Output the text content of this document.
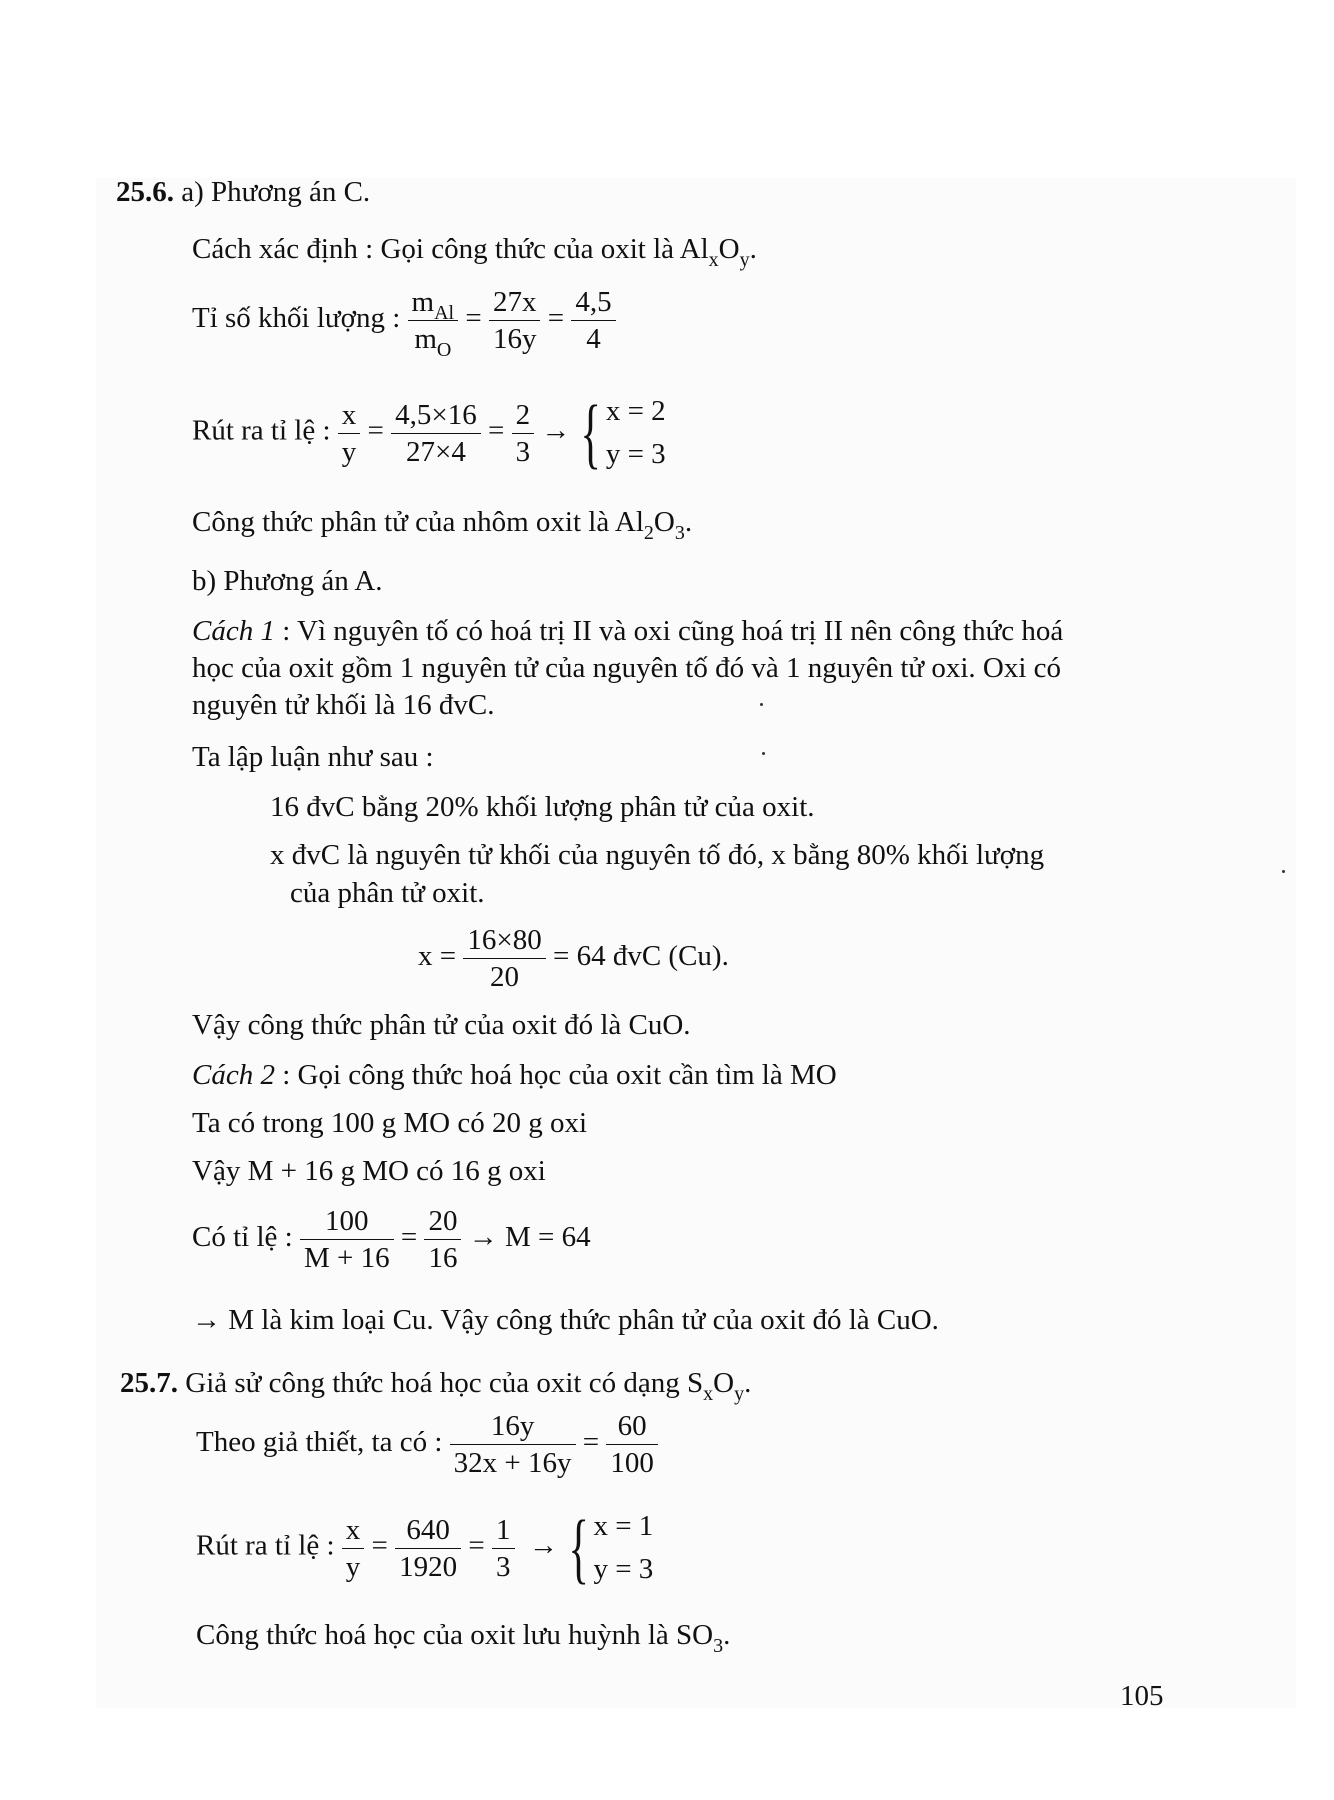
25.6. a) Phương án C.
Cách xác định : Gọi công thức của oxit là $Al_xO_y$.
Tỉ số khối lượng : $\frac{m_{Al}}{m_O} = \frac{27x}{16y} = \frac{4,5}{4}$
Rút ra tỉ lệ : $\frac{x}{y} = \frac{4,5\times 16}{27\times 4} = \frac{2}{3}$ → { x = 2
y = 3
Công thức phân tử của nhôm oxit là $Al_2O_3$.
b) Phương án A.
Cách 1 : Vì nguyên tố có hoá trị II và oxi cũng hoá trị II nên công thức hoá
học của oxit gồm 1 nguyên tử của nguyên tố đó và 1 nguyên tử oxi. Oxi có
nguyên tử khối là 16 đvC.
Ta lập luận như sau :
16 đvC bằng 20% khối lượng phân tử của oxit.
x đvC là nguyên tử khối của nguyên tố đó, x bằng 80% khối lượng
của phân tử oxit.
$x = \frac{16\times 80}{20} = 64$ đvC (Cu).
Vậy công thức phân tử của oxit đó là CuO.
Cách 2 : Gọi công thức hoá học của oxit cần tìm là MO
Ta có trong 100 g MO có 20 g oxi
Vậy M + 16 g MO có 16 g oxi
Có tỉ lệ : $\frac{100}{M + 16} = \frac{20}{16} \to M = 64$
→ M là kim loại Cu. Vậy công thức phân tử của oxit đó là CuO.
25.7. Giả sử công thức hoá học của oxit có dạng $S_xO_y$.
Theo giả thiết, ta có : $\frac{16y}{32x + 16y} = \frac{60}{100}$
Rút ra tỉ lệ : $\frac{x}{y} = \frac{640}{1920} = \frac{1}{3}$ → { x = 1
y = 3
Công thức hoá học của oxit lưu huỳnh là $SO_3$.
105
